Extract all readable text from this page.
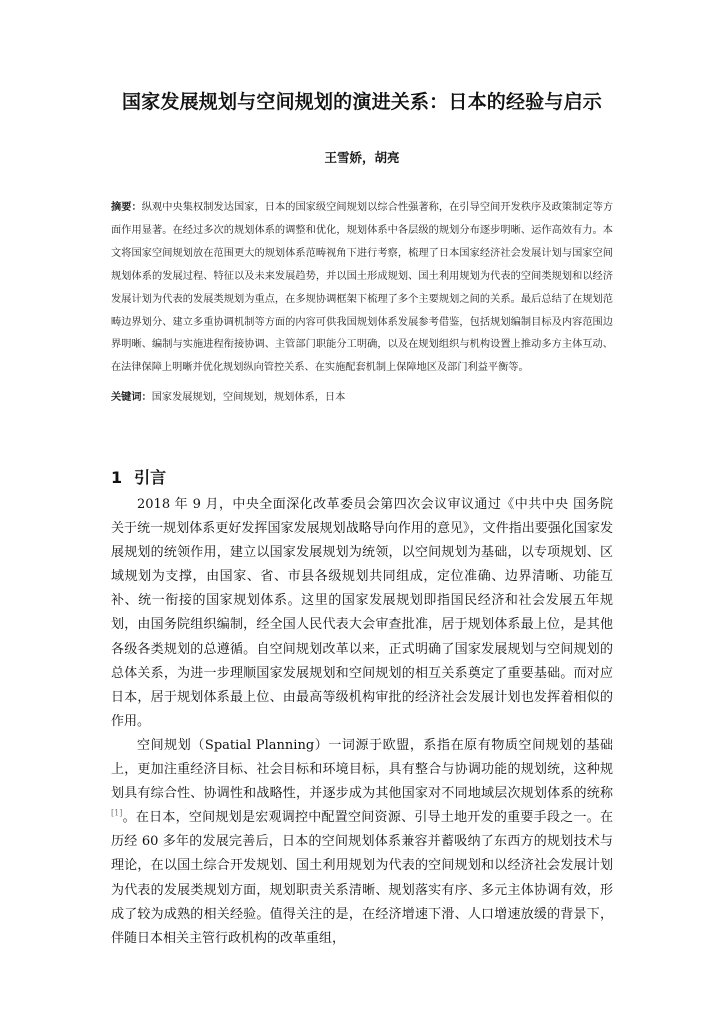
国家发展规划与空间规划的演进关系：日本的经验与启示
王雪娇，胡亮
摘要：纵观中央集权制发达国家，日本的国家级空间规划以综合性强著称，在引导空间开发秩序及政策制定等方面作用显著。在经过多次的规划体系的调整和优化，规划体系中各层级的规划分布逐步明晰、运作高效有力。本文将国家空间规划放在范围更大的规划体系范畴视角下进行考察，梳理了日本国家经济社会发展计划与国家空间规划体系的发展过程、特征以及未来发展趋势，并以国土形成规划、国土利用规划为代表的空间类规划和以经济发展计划为代表的发展类规划为重点，在多规协调框架下梳理了多个主要规划之间的关系。最后总结了在规划范畴边界划分、建立多重协调机制等方面的内容可供我国规划体系发展参考借鉴，包括规划编制目标及内容范围边界明晰、编制与实施进程衔接协调、主管部门职能分工明确，以及在规划组织与机构设置上推动多方主体互动、在法律保障上明晰并优化规划纵向管控关系、在实施配套机制上保障地区及部门利益平衡等。
关键词：国家发展规划，空间规划，规划体系，日本
1 引言

2018 年 9 月，中央全面深化改革委员会第四次会议审议通过《中共中央 国务院 关于统一规划体系更好发挥国家发展规划战略导向作用的意见》，文件指出要强化国家发展规划的统领作用，建立以国家发展规划为统领，以空间规划为基础，以专项规划、区域规划为支撑，由国家、省、市县各级规划共同组成，定位准确、边界清晰、功能互补、统一衔接的国家规划体系。这里的国家发展规划即指国民经济和社会发展五年规划，由国务院组织编制，经全国人民代表大会审查批准，居于规划体系最上位，是其他各级各类规划的总遵循。自空间规划改革以来，正式明确了国家发展规划与空间规划的总体关系，为进一步理顺国家发展规划和空间规划的相互关系奠定了重要基础。而对应日本，居于规划体系最上位、由最高等级机构审批的经济社会发展计划也发挥着相似的作用。

空间规划（Spatial Planning）一词源于欧盟，系指在原有物质空间规划的基础上，更加注重经济目标、社会目标和环境目标，具有整合与协调功能的规划统，这种规划具有综合性、协调性和战略性，并逐步成为其他国家对不同地域层次规划体系的统称[1]。在日本，空间规划是宏观调控中配置空间资源、引导土地开发的重要手段之一。在历经 60 多年的发展完善后，日本的空间规划体系兼容并蓄吸纳了东西方的规划技术与理论，在以国土综合开发规划、国土利用规划为代表的空间规划和以经济社会发展计划为代表的发展类规划方面，规划职责关系清晰、规划落实有序、多元主体协调有效，形成了较为成熟的相关经验。值得关注的是，在经济增速下滑、人口增速放缓的背景下，伴随日本相关主管行政机构的改革重组，
